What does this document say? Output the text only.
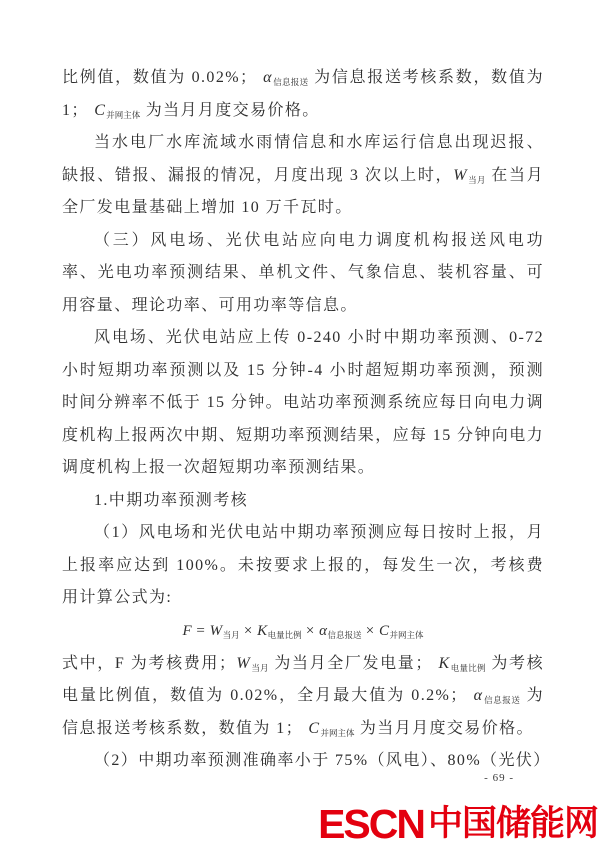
比例值，数值为 0.02%； $\alpha_{信息报送}$ 为信息报送考核系数，数值为 1； $C_{并网主体}$ 为当月月度交易价格。

当水电厂水库流域水雨情信息和水库运行信息出现迟报、缺报、错报、漏报的情况，月度出现 3 次以上时，$W_{当月}$ 在当月全厂发电量基础上增加 10 万千瓦时。

（三）风电场、光伏电站应向电力调度机构报送风电功率、光电功率预测结果、单机文件、气象信息、装机容量、可用容量、理论功率、可用功率等信息。

风电场、光伏电站应上传 0-240 小时中期功率预测、0-72 小时短期功率预测以及 15 分钟-4 小时超短期功率预测，预测时间分辨率不低于 15 分钟。电站功率预测系统应每日向电力调度机构上报两次中期、短期功率预测结果，应每 15 分钟向电力调度机构上报一次超短期功率预测结果。

1.中期功率预测考核

（1）风电场和光伏电站中期功率预测应每日按时上报，月上报率应达到 100%。未按要求上报的，每发生一次，考核费用计算公式为:

$F = W_{当月} \times K_{电量比例} \times \alpha_{信息报送} \times C_{并网主体}$

式中，F 为考核费用；$W_{当月}$ 为当月全厂发电量； $K_{电量比例}$ 为考核电量比例值，数值为 0.02%，全月最大值为 0.2%； $\alpha_{信息报送}$ 为信息报送考核系数，数值为 1； $C_{并网主体}$ 为当月月度交易价格。

（2）中期功率预测准确率小于 75%（风电）、80%（光伏）

- 69 -
ESCN 中国储能网
